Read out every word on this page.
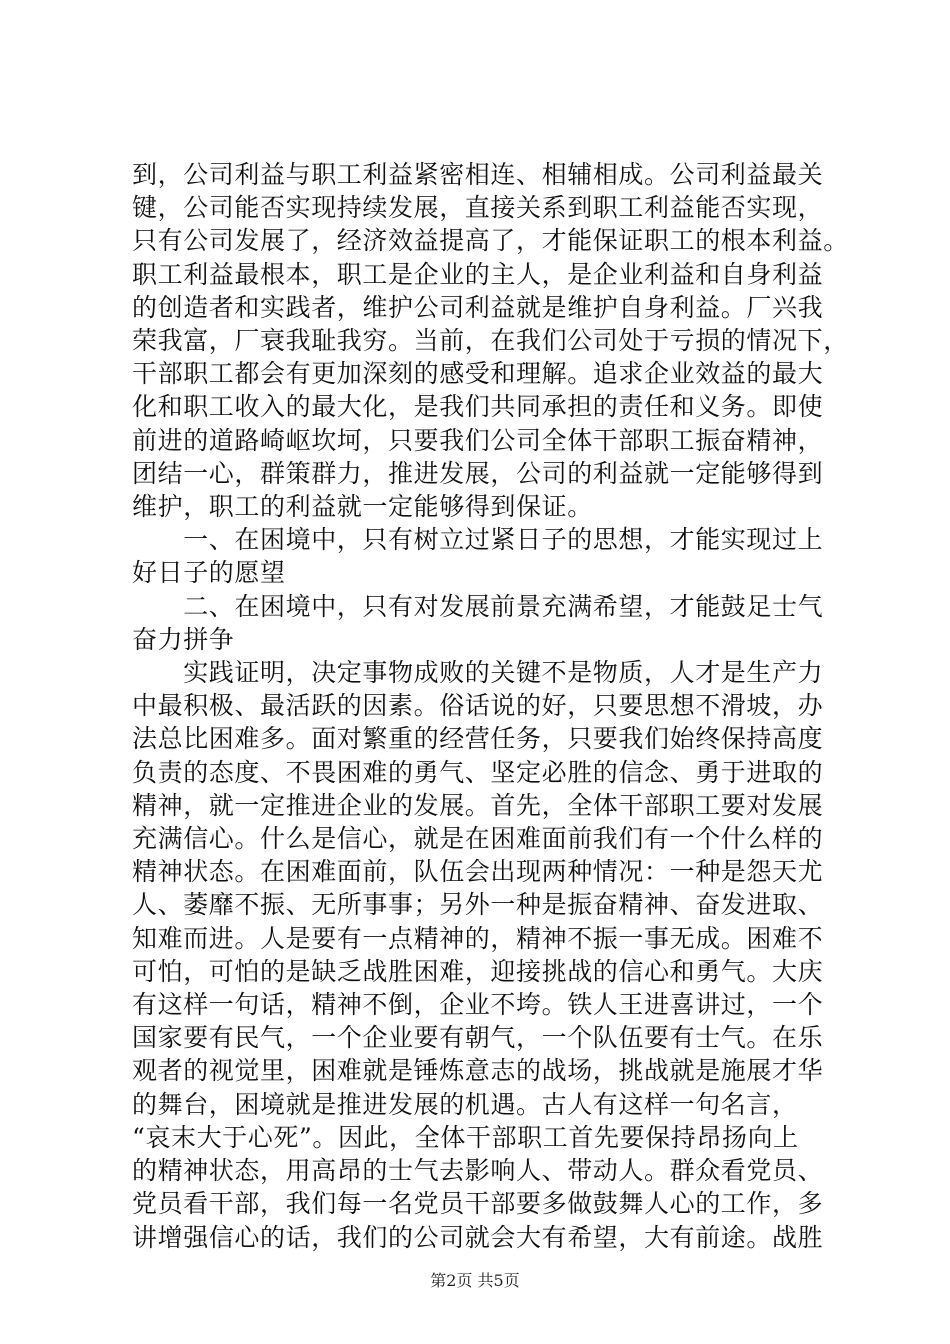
到，公司利益与职工利益紧密相连、相辅相成。公司利益最关
键，公司能否实现持续发展，直接关系到职工利益能否实现，
只有公司发展了，经济效益提高了，才能保证职工的根本利益。
职工利益最根本，职工是企业的主人，是企业利益和自身利益
的创造者和实践者，维护公司利益就是维护自身利益。厂兴我
荣我富，厂衰我耻我穷。当前，在我们公司处于亏损的情况下，
干部职工都会有更加深刻的感受和理解。追求企业效益的最大
化和职工收入的最大化，是我们共同承担的责任和义务。即使
前进的道路崎岖坎坷，只要我们公司全体干部职工振奋精神，
团结一心，群策群力，推进发展，公司的利益就一定能够得到
维护，职工的利益就一定能够得到保证。
　　一、在困境中，只有树立过紧日子的思想，才能实现过上
好日子的愿望
　　二、在困境中，只有对发展前景充满希望，才能鼓足士气
奋力拼争
　　实践证明，决定事物成败的关键不是物质，人才是生产力
中最积极、最活跃的因素。俗话说的好，只要思想不滑坡，办
法总比困难多。面对繁重的经营任务，只要我们始终保持高度
负责的态度、不畏困难的勇气、坚定必胜的信念、勇于进取的
精神，就一定推进企业的发展。首先，全体干部职工要对发展
充满信心。什么是信心，就是在困难面前我们有一个什么样的
精神状态。在困难面前，队伍会出现两种情况：一种是怨天尤
人、萎靡不振、无所事事；另外一种是振奋精神、奋发进取、
知难而进。人是要有一点精神的，精神不振一事无成。困难不
可怕，可怕的是缺乏战胜困难，迎接挑战的信心和勇气。大庆
有这样一句话，精神不倒，企业不垮。铁人王进喜讲过，一个
国家要有民气，一个企业要有朝气，一个队伍要有士气。在乐
观者的视觉里，困难就是锤炼意志的战场，挑战就是施展才华
的舞台，困境就是推进发展的机遇。古人有这样一句名言，
“哀末大于心死”。因此，全体干部职工首先要保持昂扬向上
的精神状态，用高昂的士气去影响人、带动人。群众看党员、
党员看干部，我们每一名党员干部要多做鼓舞人心的工作，多
讲增强信心的话，我们的公司就会大有希望，大有前途。战胜
第2页 共5页
